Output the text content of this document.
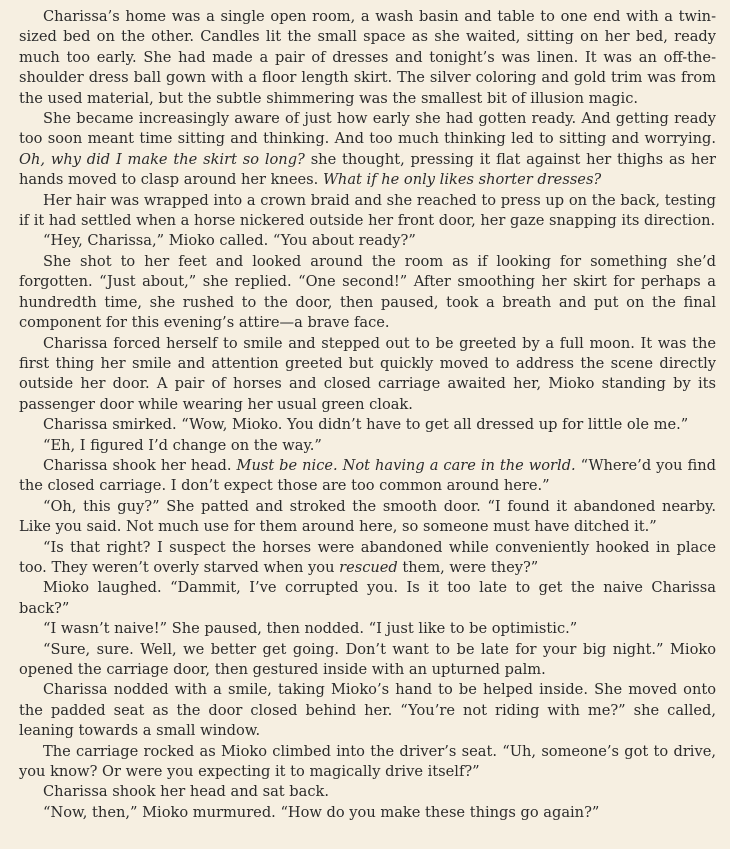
Charissa’s home was a single open room, a wash basin and table to one end with a twin-sized bed on the other. Candles lit the small space as she waited, sitting on her bed, ready much too early. She had made a pair of dresses and tonight’s was linen. It was an off-the-shoulder dress ball gown with a floor length skirt. The silver coloring and gold trim was from the used material, but the subtle shimmering was the smallest bit of illusion magic.

She became increasingly aware of just how early she had gotten ready. And getting ready too soon meant time sitting and thinking. And too much thinking led to sitting and worrying. Oh, why did I make the skirt so long? she thought, pressing it flat against her thighs as her hands moved to clasp around her knees. What if he only likes shorter dresses?

Her hair was wrapped into a crown braid and she reached to press up on the back, testing if it had settled when a horse nickered outside her front door, her gaze snapping its direction.

“Hey, Charissa,” Mioko called. “You about ready?”

She shot to her feet and looked around the room as if looking for something she’d forgotten. “Just about,” she replied. “One second!” After smoothing her skirt for perhaps a hundredth time, she rushed to the door, then paused, took a breath and put on the final component for this evening’s attire—a brave face.

Charissa forced herself to smile and stepped out to be greeted by a full moon. It was the first thing her smile and attention greeted but quickly moved to address the scene directly outside her door. A pair of horses and closed carriage awaited her, Mioko standing by its passenger door while wearing her usual green cloak.

Charissa smirked. “Wow, Mioko. You didn’t have to get all dressed up for little ole me.”

“Eh, I figured I’d change on the way.”

Charissa shook her head. Must be nice. Not having a care in the world. “Where’d you find the closed carriage. I don’t expect those are too common around here.”

“Oh, this guy?” She patted and stroked the smooth door. “I found it abandoned nearby. Like you said. Not much use for them around here, so someone must have ditched it.”

“Is that right? I suspect the horses were abandoned while conveniently hooked in place too. They weren’t overly starved when you rescued them, were they?”

Mioko laughed. “Dammit, I’ve corrupted you. Is it too late to get the naive Charissa back?”

“I wasn’t naive!” She paused, then nodded. “I just like to be optimistic.”

“Sure, sure. Well, we better get going. Don’t want to be late for your big night.” Mioko opened the carriage door, then gestured inside with an upturned palm.

Charissa nodded with a smile, taking Mioko’s hand to be helped inside. She moved onto the padded seat as the door closed behind her. “You’re not riding with me?” she called, leaning towards a small window.

The carriage rocked as Mioko climbed into the driver’s seat. “Uh, someone’s got to drive, you know? Or were you expecting it to magically drive itself?”

Charissa shook her head and sat back.

“Now, then,” Mioko murmured. “How do you make these things go again?”
